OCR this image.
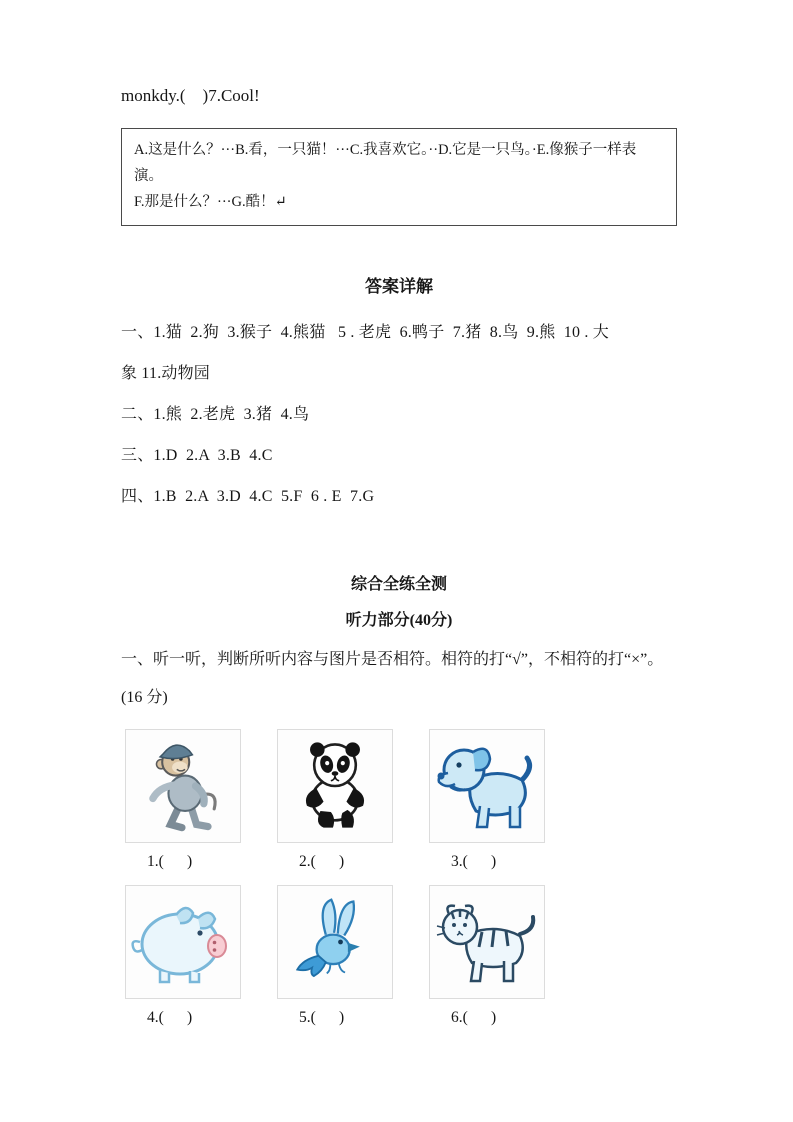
monkdy.(    )7.Cool!

A.这是什么？···B.看，一只猫！···C.我喜欢它。··D.它是一只鸟。·E.像猴子一样表演。

F.那是什么？···G.酷！↵

答案详解

一、1.猫  2.狗  3.猴子  4.熊猫   5 . 老虎  6.鸭子  7.猪  8.鸟  9.熊  10 . 大

象 11.动物园

二、1.熊  2.老虎  3.猪  4.鸟

三、1.D  2.A  3.B  4.C

四、1.B  2.A  3.D  4.C  5.F  6 . E  7.G

综合全练全测
听力部分(40分)

一、听一听，判断所听内容与图片是否相符。相符的打“√”，不相符的打“×”。

(16 分)

1.(      )	2.(      )	3.(      )
4.(      )	5.(      )	6.(      )
